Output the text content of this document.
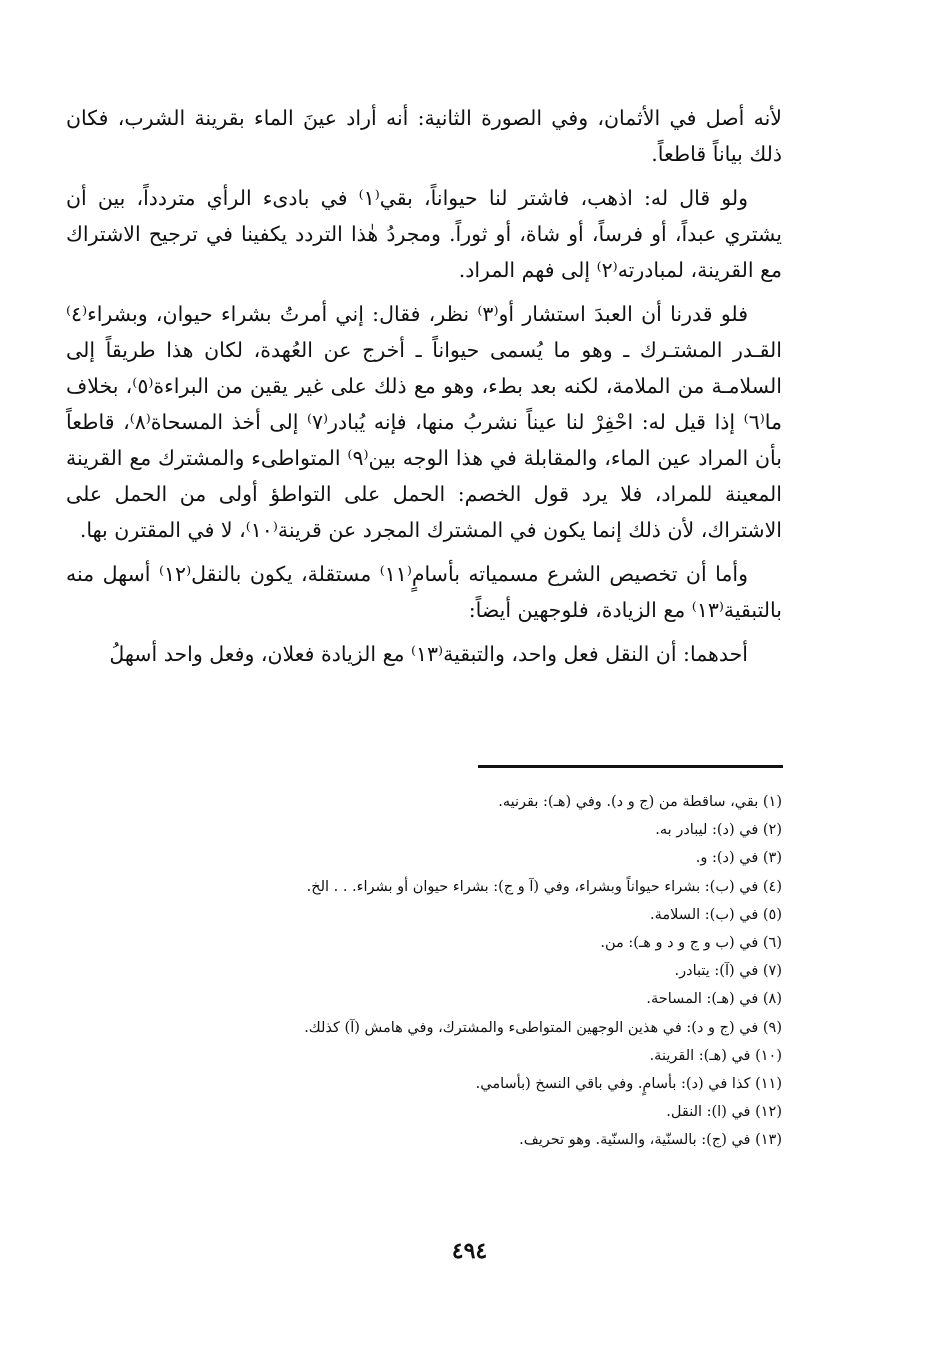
لأنه أصل في الأثمان، وفي الصورة الثانية: أنه أراد عينَ الماء بقرينة الشرب، فكان ذلك بياناً قاطعاً.

ولو قال له: اذهب، فاشتر لنا حيواناً، بقي⁽١⁾ في بادىء الرأي متردداً، بين أن يشتري عبداً، أو فرساً، أو شاة، أو ثوراً. ومجردُ هٰذا التردد يكفينا في ترجيح الاشتراك مع القرينة، لمبادرته⁽٢⁾ إلى فهم المراد.

فلو قدرنا أن العبدَ استشار أو⁽٣⁾ نظر، فقال: إني أمرتُ بشراء حيوان، وبشراء⁽٤⁾ القـدر المشتـرك ـ وهو ما يُسمى حيواناً ـ أخرج عن العُهدة، لكان هذا طريقاً إلى السلامـة من الملامة، لكنه بعد بطء، وهو مع ذلك على غير يقين من البراءة⁽٥⁾، بخلاف ما⁽٦⁾ إذا قيل له: احْفِرْ لنا عيناً نشربُ منها، فإنه يُبادر⁽٧⁾ إلى أخذ المسحاة⁽٨⁾، قاطعاً بأن المراد عين الماء، والمقابلة في هذا الوجه بين⁽٩⁾ المتواطىء والمشترك مع القرينة المعينة للمراد، فلا يرد قول الخصم: الحمل على التواطؤ أولى من الحمل على الاشتراك، لأن ذلك إنما يكون في المشترك المجرد عن قرينة⁽١٠⁾، لا في المقترن بها.

وأما أن تخصيص الشرع مسمياته بأسامٍ⁽١١⁾ مستقلة، يكون بالنقل⁽١٢⁾ أسهل منه بالتبقية⁽١٣⁾ مع الزيادة، فلوجهين أيضاً:

أحدهما: أن النقل فعل واحد، والتبقية⁽١٣⁾ مع الزيادة فعلان، وفعل واحد أسهلُ

(١) بقي، ساقطة من (ج و د). وفي (هـ): بقرنيه.

(٢) في (د): ليبادر به.

(٣) في (د): و.

(٤) في (ب): بشراء حيواناً وبشراء، وفي (آ و ج): بشراء حيوان أو بشراء. . . الخ.

(٥) في (ب): السلامة.

(٦) في (ب و ج و د و هـ): من.

(٧) في (آ): يتبادر.

(٨) في (هـ): المساحة.

(٩) في (ج و د): في هذين الوجهين المتواطىء والمشترك، وفي هامش (آ) كذلك.

(١٠) في (هـ): القرينة.

(١١) كذا في (د): بأسامٍ. وفي باقي النسخ (بأسامي.

(١٢) في (ا): النقل.

(١٣) في (ج): بالسنّية، والسنّية. وهو تحريف.

٤٩٤
